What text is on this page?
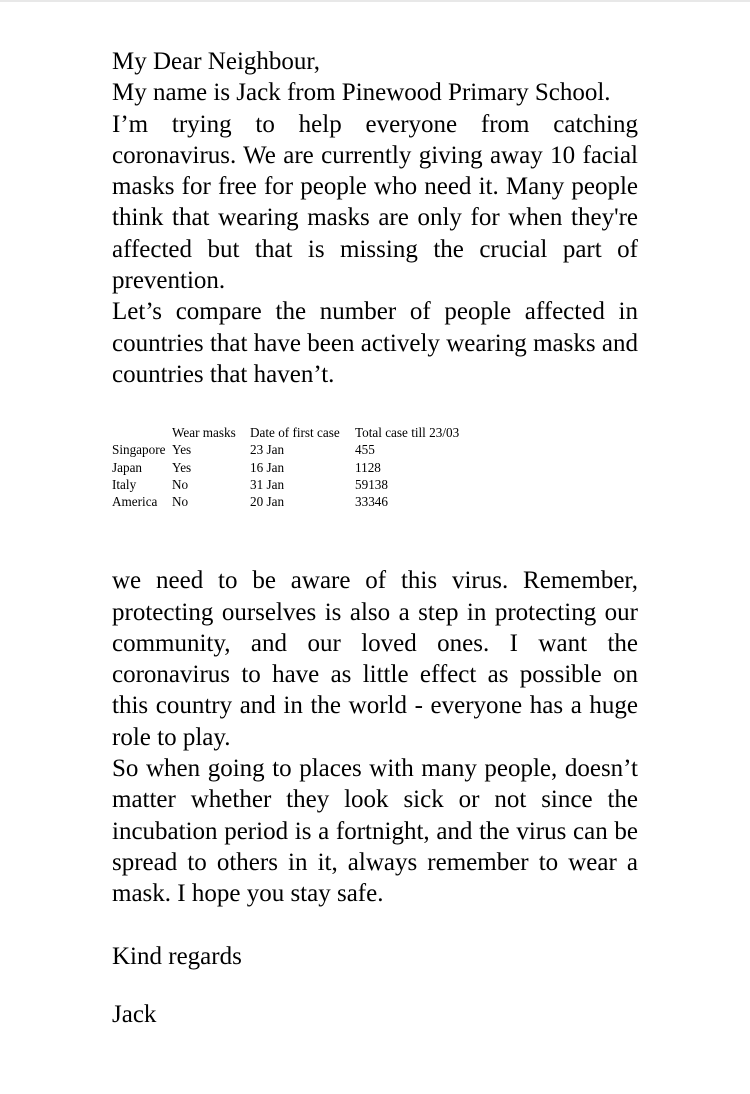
My Dear Neighbour,

My name is Jack from Pinewood Primary School.

I’m trying to help everyone from catching coronavirus. We are currently giving away 10 facial masks for free for people who need it. Many people think that wearing masks are only for when they're affected but that is missing the crucial part of prevention.

Let’s compare the number of people affected in countries that have been actively wearing masks and countries that haven’t.

	Wear masks	Date of first case	Total case till 23/03
Singapore	Yes	23 Jan	455
Japan	Yes	16 Jan	1128
Italy	No	31 Jan	59138
America	No	20 Jan	33346

we need to be aware of this virus. Remember, protecting ourselves is also a step in protecting our community, and our loved ones. I want the coronavirus to have as little effect as possible on this country and in the world - everyone has a huge role to play.

So when going to places with many people, doesn’t matter whether they look sick or not since the incubation period is a fortnight, and the virus can be spread to others in it, always remember to wear a mask. I hope you stay safe.

Kind regards

Jack
